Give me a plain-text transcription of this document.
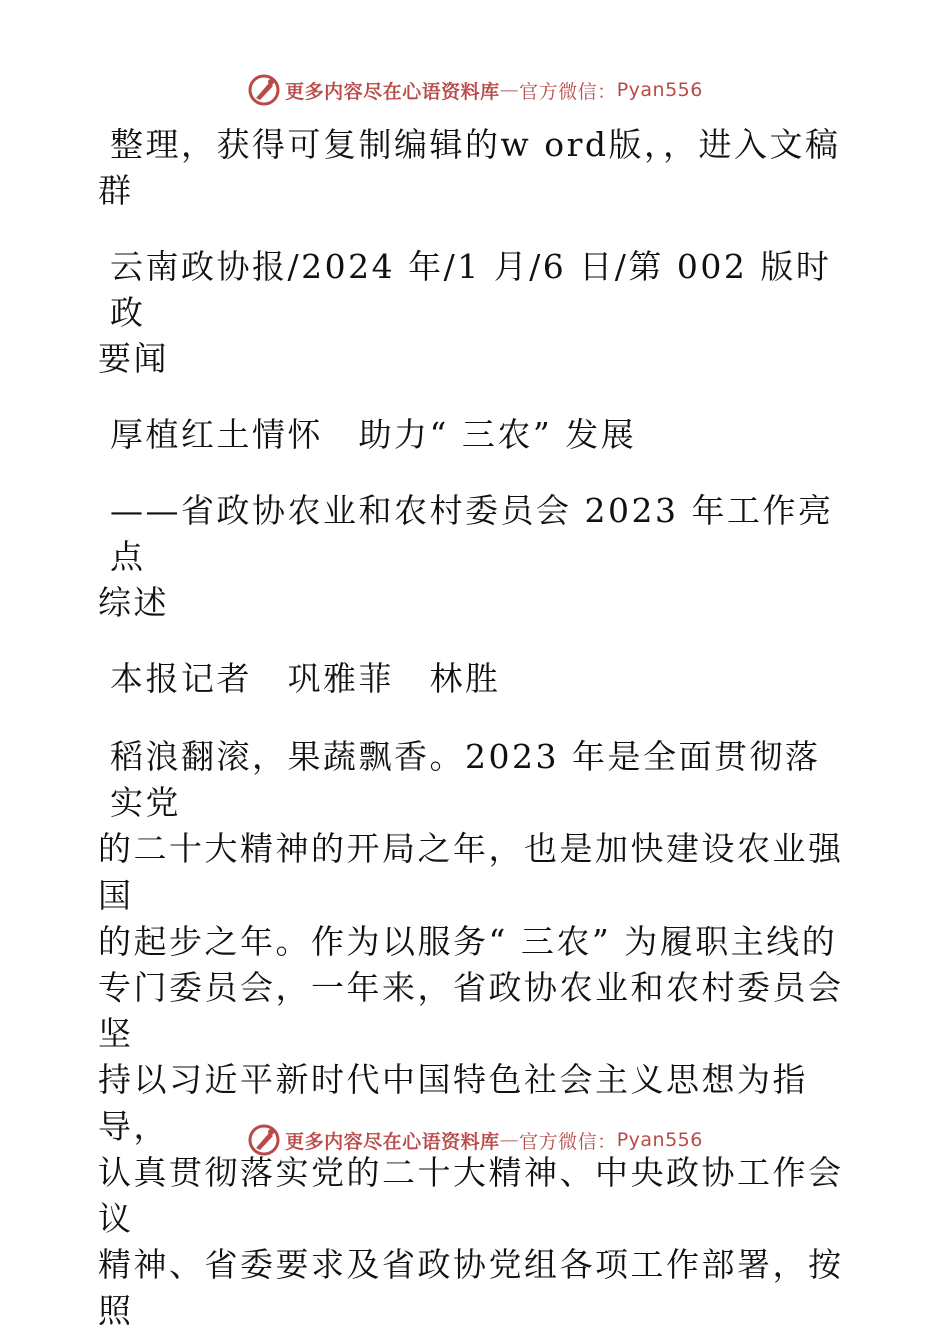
更多内容尽在心语资料库 — 官方微信： Pyan556

整理，获得可复制编辑的w ord版，，进入文稿

群

云南政协报/2024 年/1 月/6 日/第 002 版时政

要闻

厚植红土情怀　助力“ 三农” 发展

——省政协农业和农村委员会 2023 年工作亮点

综述

本报记者　巩雅菲　林胜

稻浪翻滚，果蔬飘香。2023 年是全面贯彻落实党

的二十大精神的开局之年，也是加快建设农业强国

的起步之年。作为以服务“ 三农” 为履职主线的

专门委员会，一年来，省政协农业和农村委员会坚

持以习近平新时代中国特色社会主义思想为指导，

认真贯彻落实党的二十大精神、中央政协工作会议

精神、省委要求及省政协党组各项工作部署，按照

更多内容尽在心语资料库 — 官方微信： Pyan556
